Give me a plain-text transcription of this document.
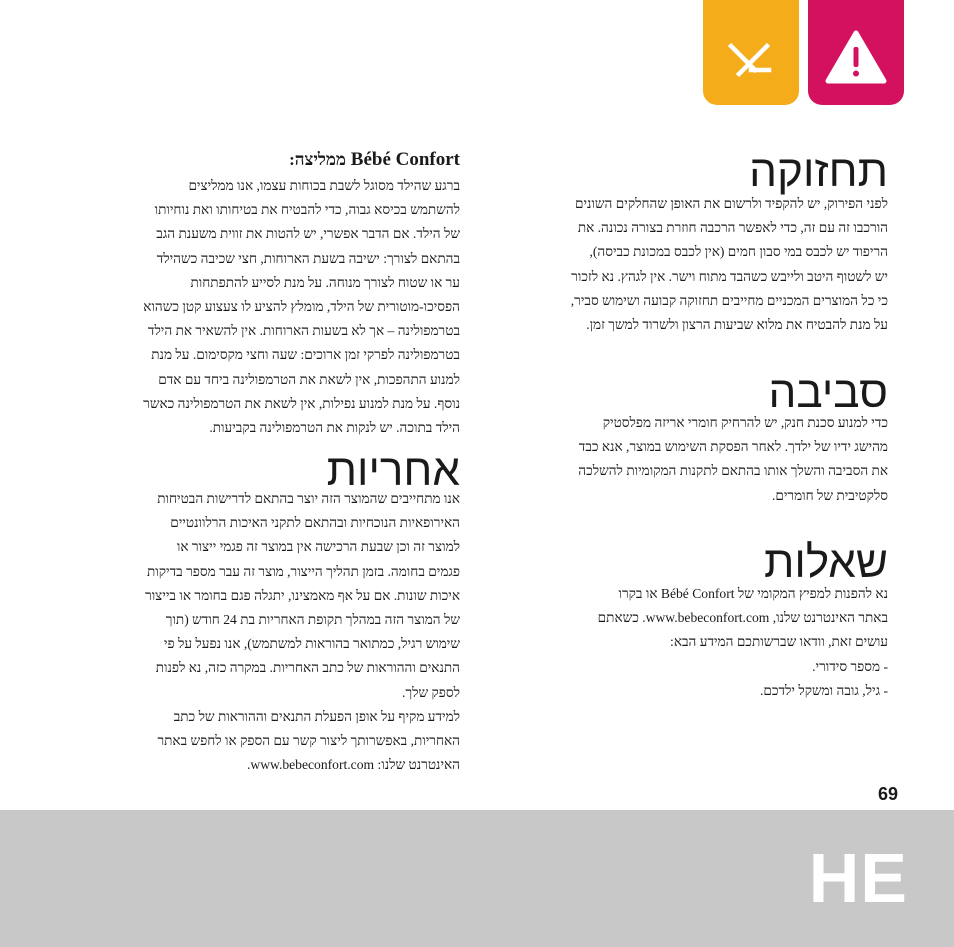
תחזוקה

לפני הפירוק, יש להקפיד ולרשום את האופן שהחלקים השונים
הורכבו זה עם זה, כדי לאפשר הרכבה חוזרת בצורה נכונה. את
הריפוד יש לכבס במי סבון חמים (אין לכבס במכונת כביסה),
יש לשטוף היטב ולייבש כשהבד מתוח וישר. אין לגהץ. נא לזכור
כי כל המוצרים המכניים מחייבים תחזוקה קבועה ושימוש סביר,
על מנת להבטיח את מלוא שביעות הרצון ולשרוד למשך זמן.

סביבה

כדי למנוע סכנת חנק, יש להרחיק חומרי אריזה מפלסטיק
מהישג ידיו של ילדך. לאחר הפסקת השימוש במוצר, אנא כבד
את הסביבה והשלך אותו בהתאם לתקנות המקומיות להשלכה
סלקטיבית של חומרים.

שאלות

נא להפנות למפיץ המקומי של Bébé Confort או בקרו
באתר האינטרנט שלנו, www.bebeconfort.com. כשאתם
עושים זאת, וודאו שברשותכם המידע הבא:
- מספר סידורי.
- גיל, גובה ומשקל ילדכם.

Bébé Confort ממליצה:

ברגע שהילד מסוגל לשבת בכוחות עצמו, אנו ממליצים
להשתמש בכיסא גבוה, כדי להבטיח את בטיחותו ואת נוחיותו
של הילד. אם הדבר אפשרי, יש להטות את זווית משענת הגב
בהתאם לצורך: ישיבה בשעת הארוחות, חצי שכיבה כשהילד
ער או שטוח לצורך מנוחה. על מנת לסייע להתפתחות
הפסיכו-מוטורית של הילד, מומלץ להציע לו צעצוע קטן כשהוא
בטרמפולינה – אך לא בשעות הארוחות. אין להשאיר את הילד
בטרמפולינה לפרקי זמן ארוכים: שעה וחצי מקסימום. על מנת
למנוע התהפכות, אין לשאת את הטרמפולינה ביחד עם אדם
נוסף. על מנת למנוע נפילות, אין לשאת את הטרמפולינה כאשר
הילד בתוכה. יש לנקות את הטרמפולינה בקביעות.

אחריות

אנו מתחייבים שהמוצר הזה יוצר בהתאם לדרישות הבטיחות
האירופאיות הנוכחיות ובהתאם לתקני האיכות הרלוונטיים
למוצר זה וכן שבעת הרכישה אין במוצר זה פגמי ייצור או
פגמים בחומה. בזמן תהליך הייצור, מוצר זה עבר מספר בדיקות
איכות שונות. אם על אף מאמצינו, יתגלה פגם בחומר או בייצור
של המוצר הזה במהלך תקופת האחריות בת 24 חודש (תוך
שימוש רגיל, כמתואר בהוראות למשתמש), אנו נפעל על פי
התנאים וההוראות של כתב האחריות. במקרה כזה, נא לפנות
לספק שלך.
למידע מקיף על אופן הפעלת התנאים וההוראות של כתב
האחריות, באפשרותך ליצור קשר עם הספק או לחפש באתר
האינטרנט שלנו: www.bebeconfort.com.

69
HE
